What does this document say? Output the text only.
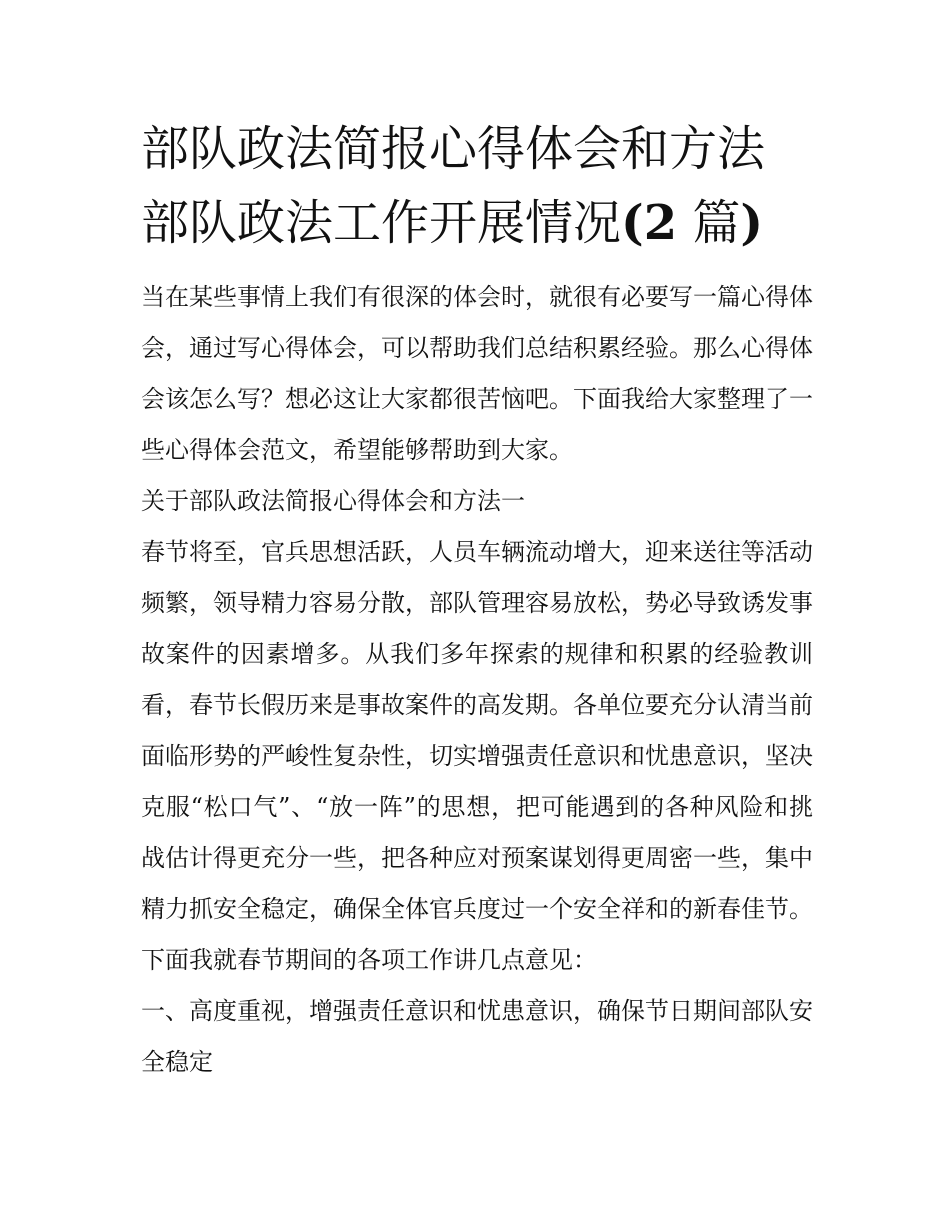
部队政法简报心得体会和方法
部队政法工作开展情况(2 篇)

当在某些事情上我们有很深的体会时，就很有必要写一篇心得体会，通过写心得体会，可以帮助我们总结积累经验。那么心得体会该怎么写？想必这让大家都很苦恼吧。下面我给大家整理了一些心得体会范文，希望能够帮助到大家。

关于部队政法简报心得体会和方法一

春节将至，官兵思想活跃，人员车辆流动增大，迎来送往等活动频繁，领导精力容易分散，部队管理容易放松，势必导致诱发事故案件的因素增多。从我们多年探索的规律和积累的经验教训看，春节长假历来是事故案件的高发期。各单位要充分认清当前面临形势的严峻性复杂性，切实增强责任意识和忧患意识，坚决克服“松口气”、“放一阵”的思想，把可能遇到的各种风险和挑战估计得更充分一些，把各种应对预案谋划得更周密一些，集中精力抓安全稳定，确保全体官兵度过一个安全祥和的新春佳节。下面我就春节期间的各项工作讲几点意见：

一、高度重视，增强责任意识和忧患意识，确保节日期间部队安全稳定
